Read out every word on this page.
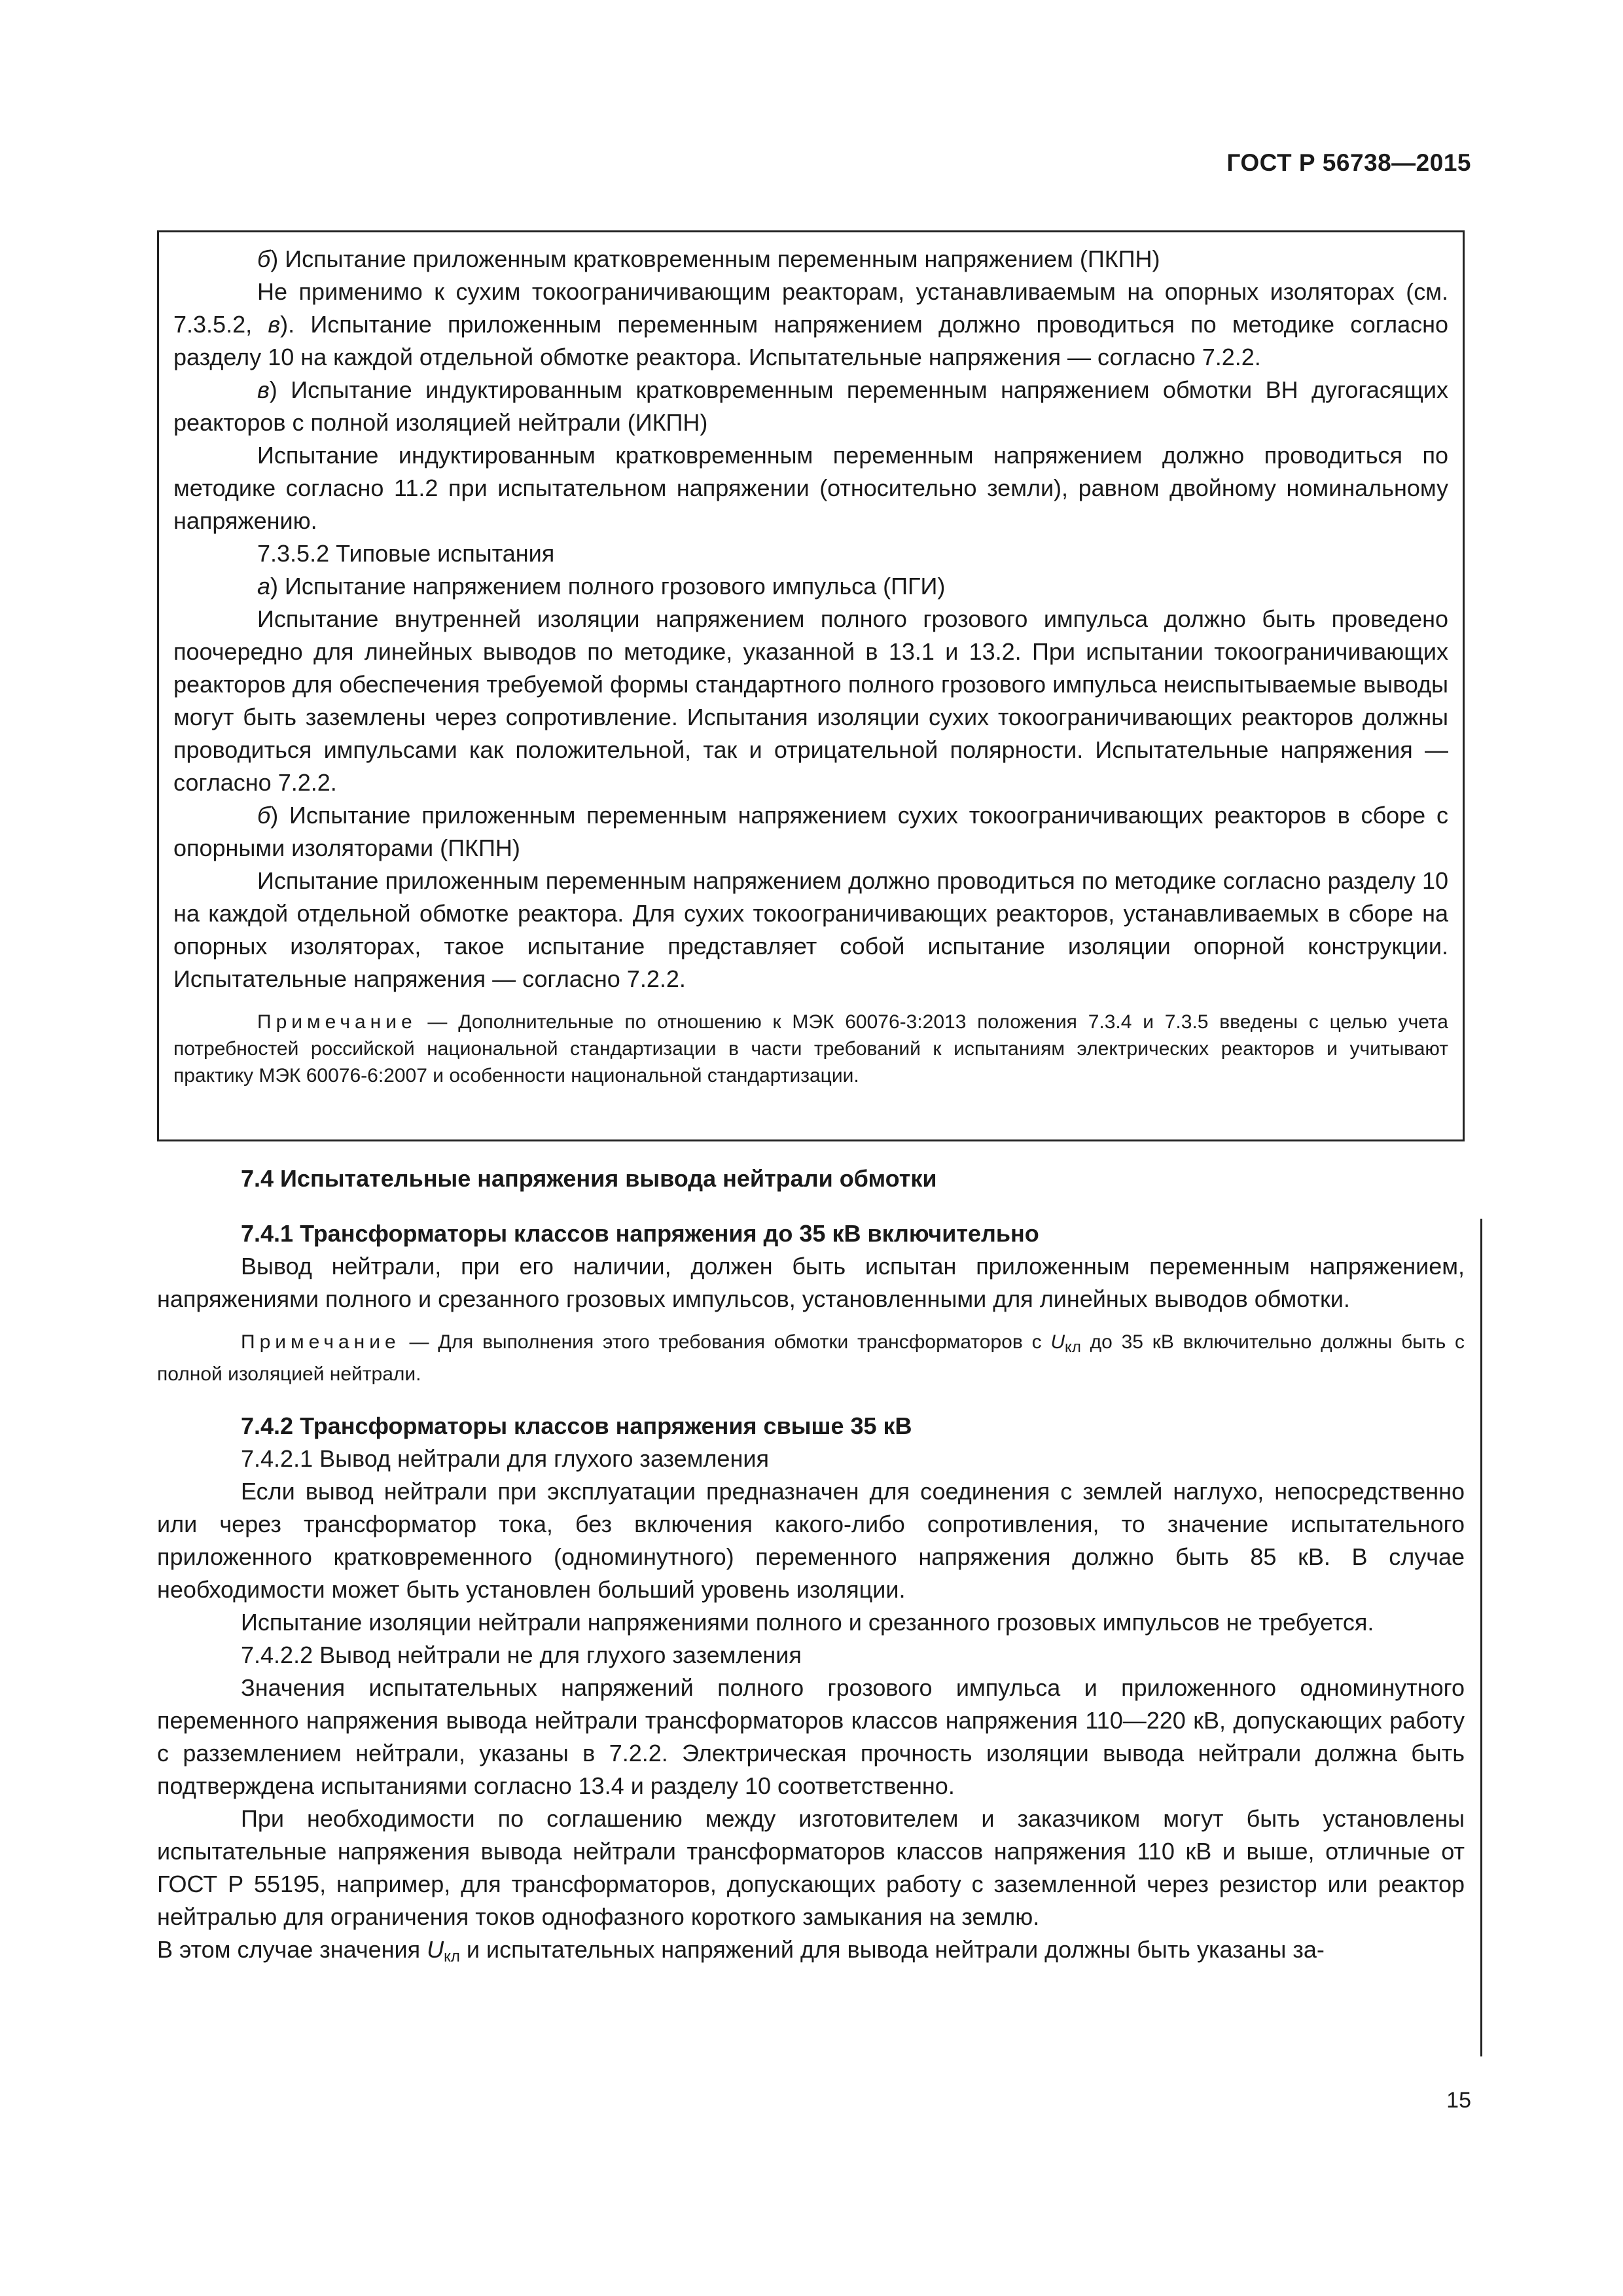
ГОСТ Р 56738—2015

б) Испытание приложенным кратковременным переменным напряжением (ПКПН)

Не применимо к сухим токоограничивающим реакторам, устанавливаемым на опорных изоляторах (см. 7.3.5.2, в). Испытание приложенным переменным напряжением должно проводиться по методике согласно разделу 10 на каждой отдельной обмотке реактора. Испытательные напряжения — согласно 7.2.2.

в) Испытание индуктированным кратковременным переменным напряжением обмотки ВН дугогасящих реакторов с полной изоляцией нейтрали (ИКПН)

Испытание индуктированным кратковременным переменным напряжением должно проводиться по методике согласно 11.2 при испытательном напряжении (относительно земли), равном двойному номинальному напряжению.

7.3.5.2 Типовые испытания

а) Испытание напряжением полного грозового импульса (ПГИ)

Испытание внутренней изоляции напряжением полного грозового импульса должно быть проведено поочередно для линейных выводов по методике, указанной в 13.1 и 13.2. При испытании токоограничивающих реакторов для обеспечения требуемой формы стандартного полного грозового импульса неиспытываемые выводы могут быть заземлены через сопротивление. Испытания изоляции сухих токоограничивающих реакторов должны проводиться импульсами как положительной, так и отрицательной полярности. Испытательные напряжения — согласно 7.2.2.

б) Испытание приложенным переменным напряжением сухих токоограничивающих реакторов в сборе с опорными изоляторами (ПКПН)

Испытание приложенным переменным напряжением должно проводиться по методике согласно разделу 10 на каждой отдельной обмотке реактора. Для сухих токоограничивающих реакторов, устанавливаемых в сборе на опорных изоляторах, такое испытание представляет собой испытание изоляции опорной конструкции. Испытательные напряжения — согласно 7.2.2.

Примечание — Дополнительные по отношению к МЭК 60076-3:2013 положения 7.3.4 и 7.3.5 введены с целью учета потребностей российской национальной стандартизации в части требований к испытаниям электрических реакторов и учитывают практику МЭК 60076-6:2007 и особенности национальной стандартизации.

7.4 Испытательные напряжения вывода нейтрали обмотки

7.4.1 Трансформаторы классов напряжения до 35 кВ включительно

Вывод нейтрали, при его наличии, должен быть испытан приложенным переменным напряжением, напряжениями полного и срезанного грозовых импульсов, установленными для линейных выводов обмотки.

Примечание — Для выполнения этого требования обмотки трансформаторов с $U_{кл}$ до 35 кВ включительно должны быть с полной изоляцией нейтрали.

7.4.2 Трансформаторы классов напряжения свыше 35 кВ

7.4.2.1 Вывод нейтрали для глухого заземления

Если вывод нейтрали при эксплуатации предназначен для соединения с землей наглухо, непосредственно или через трансформатор тока, без включения какого-либо сопротивления, то значение испытательного приложенного кратковременного (одноминутного) переменного напряжения должно быть 85 кВ. В случае необходимости может быть установлен больший уровень изоляции.

Испытание изоляции нейтрали напряжениями полного и срезанного грозовых импульсов не требуется.

7.4.2.2 Вывод нейтрали не для глухого заземления

Значения испытательных напряжений полного грозового импульса и приложенного одноминутного переменного напряжения вывода нейтрали трансформаторов классов напряжения 110—220 кВ, допускающих работу с разземлением нейтрали, указаны в 7.2.2. Электрическая прочность изоляции вывода нейтрали должна быть подтверждена испытаниями согласно 13.4 и разделу 10 соответственно.

При необходимости по соглашению между изготовителем и заказчиком могут быть установлены испытательные напряжения вывода нейтрали трансформаторов классов напряжения 110 кВ и выше, отличные от ГОСТ Р 55195, например, для трансформаторов, допускающих работу с заземленной через резистор или реактор нейтралью для ограничения токов однофазного короткого замыкания на землю.

В этом случае значения $U_{кл}$ и испытательных напряжений для вывода нейтрали должны быть указаны за-

15
